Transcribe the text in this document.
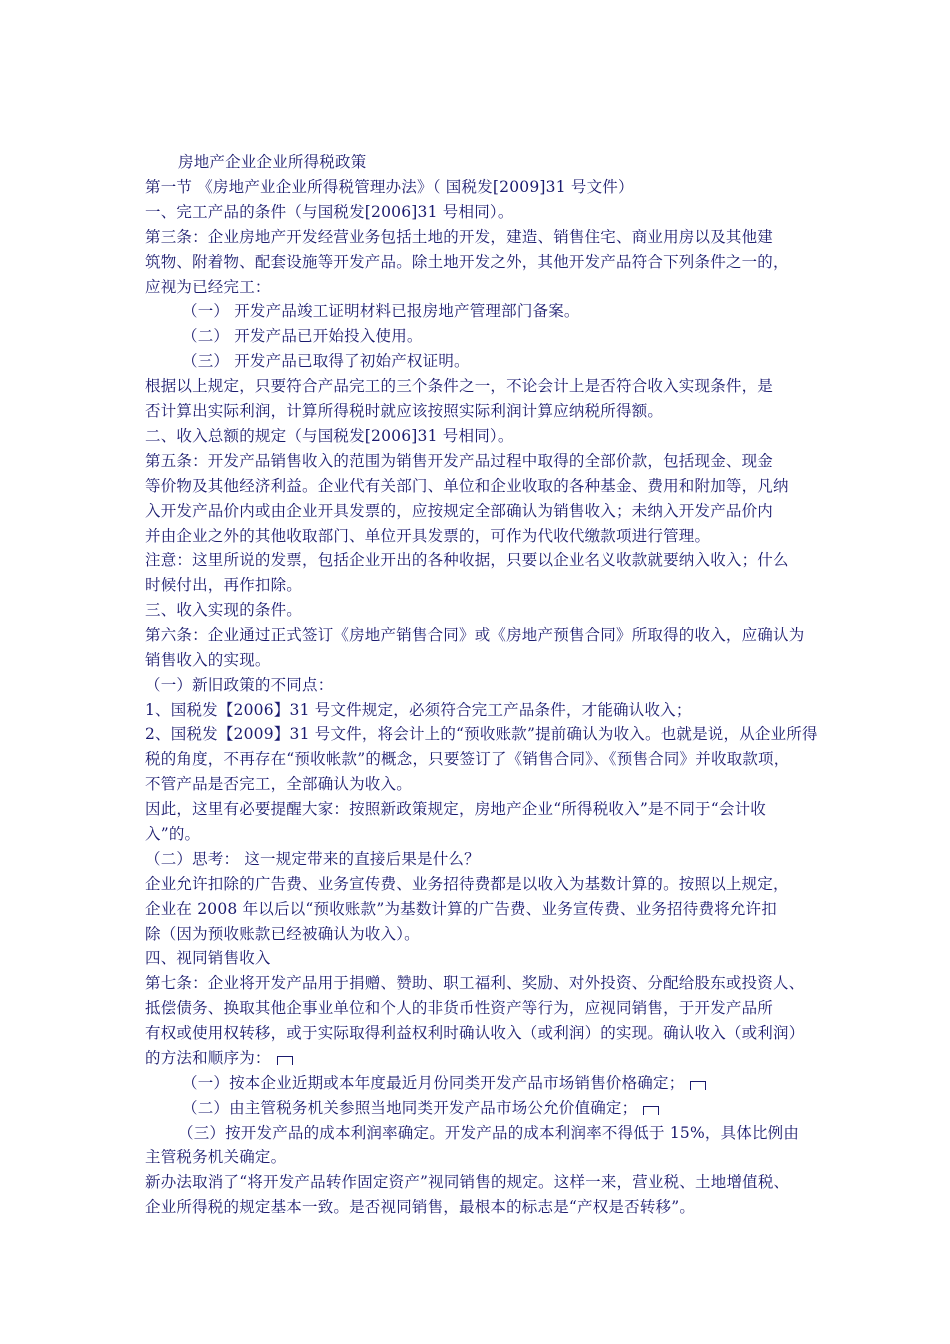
房地产企业企业所得税政策
第一节 《房地产业企业所得税管理办法》（ 国税发[2009]31 号文件）
一、完工产品的条件（与国税发[2006]31 号相同）。
第三条：企业房地产开发经营业务包括土地的开发，建造、销售住宅、商业用房以及其他建
筑物、附着物、配套设施等开发产品。除土地开发之外，其他开发产品符合下列条件之一的，
应视为已经完工：
（一） 开发产品竣工证明材料已报房地产管理部门备案。
（二） 开发产品已开始投入使用。
（三） 开发产品已取得了初始产权证明。
根据以上规定，只要符合产品完工的三个条件之一，不论会计上是否符合收入实现条件，是
否计算出实际利润，计算所得税时就应该按照实际利润计算应纳税所得额。
二、收入总额的规定（与国税发[2006]31 号相同）。
第五条：开发产品销售收入的范围为销售开发产品过程中取得的全部价款，包括现金、现金
等价物及其他经济利益。企业代有关部门、单位和企业收取的各种基金、费用和附加等，凡纳
入开发产品价内或由企业开具发票的，应按规定全部确认为销售收入；未纳入开发产品价内
并由企业之外的其他收取部门、单位开具发票的，可作为代收代缴款项进行管理。
注意：这里所说的发票，包括企业开出的各种收据，只要以企业名义收款就要纳入收入；什么
时候付出，再作扣除。
三、收入实现的条件。
第六条：企业通过正式签订《房地产销售合同》或《房地产预售合同》所取得的收入，应确认为
销售收入的实现。
（一）新旧政策的不同点：
1、国税发【2006】31 号文件规定，必须符合完工产品条件，才能确认收入；
2、国税发【2009】31 号文件，将会计上的“预收账款”提前确认为收入。也就是说，从企业所得
税的角度，不再存在“预收帐款”的概念，只要签订了《销售合同》、《预售合同》并收取款项，
不管产品是否完工，全部确认为收入。
因此，这里有必要提醒大家：按照新政策规定，房地产企业“所得税收入”是不同于“会计收
入”的。
（二）思考： 这一规定带来的直接后果是什么？
企业允许扣除的广告费、业务宣传费、业务招待费都是以收入为基数计算的。按照以上规定，
企业在 2008 年以后以“预收账款”为基数计算的广告费、业务宣传费、业务招待费将允许扣
除（因为预收账款已经被确认为收入）。
四、视同销售收入
第七条：企业将开发产品用于捐赠、赞助、职工福利、奖励、对外投资、分配给股东或投资人、
抵偿债务、换取其他企事业单位和个人的非货币性资产等行为，应视同销售，于开发产品所
有权或使用权转移，或于实际取得利益权利时确认收入（或利润）的实现。确认收入（或利润）
的方法和顺序为：
（一）按本企业近期或本年度最近月份同类开发产品市场销售价格确定；
（二）由主管税务机关参照当地同类开发产品市场公允价值确定；
（三）按开发产品的成本利润率确定。开发产品的成本利润率不得低于 15%，具体比例由
主管税务机关确定。
新办法取消了“将开发产品转作固定资产”视同销售的规定。这样一来，营业税、土地增值税、
企业所得税的规定基本一致。是否视同销售，最根本的标志是“产权是否转移”。
